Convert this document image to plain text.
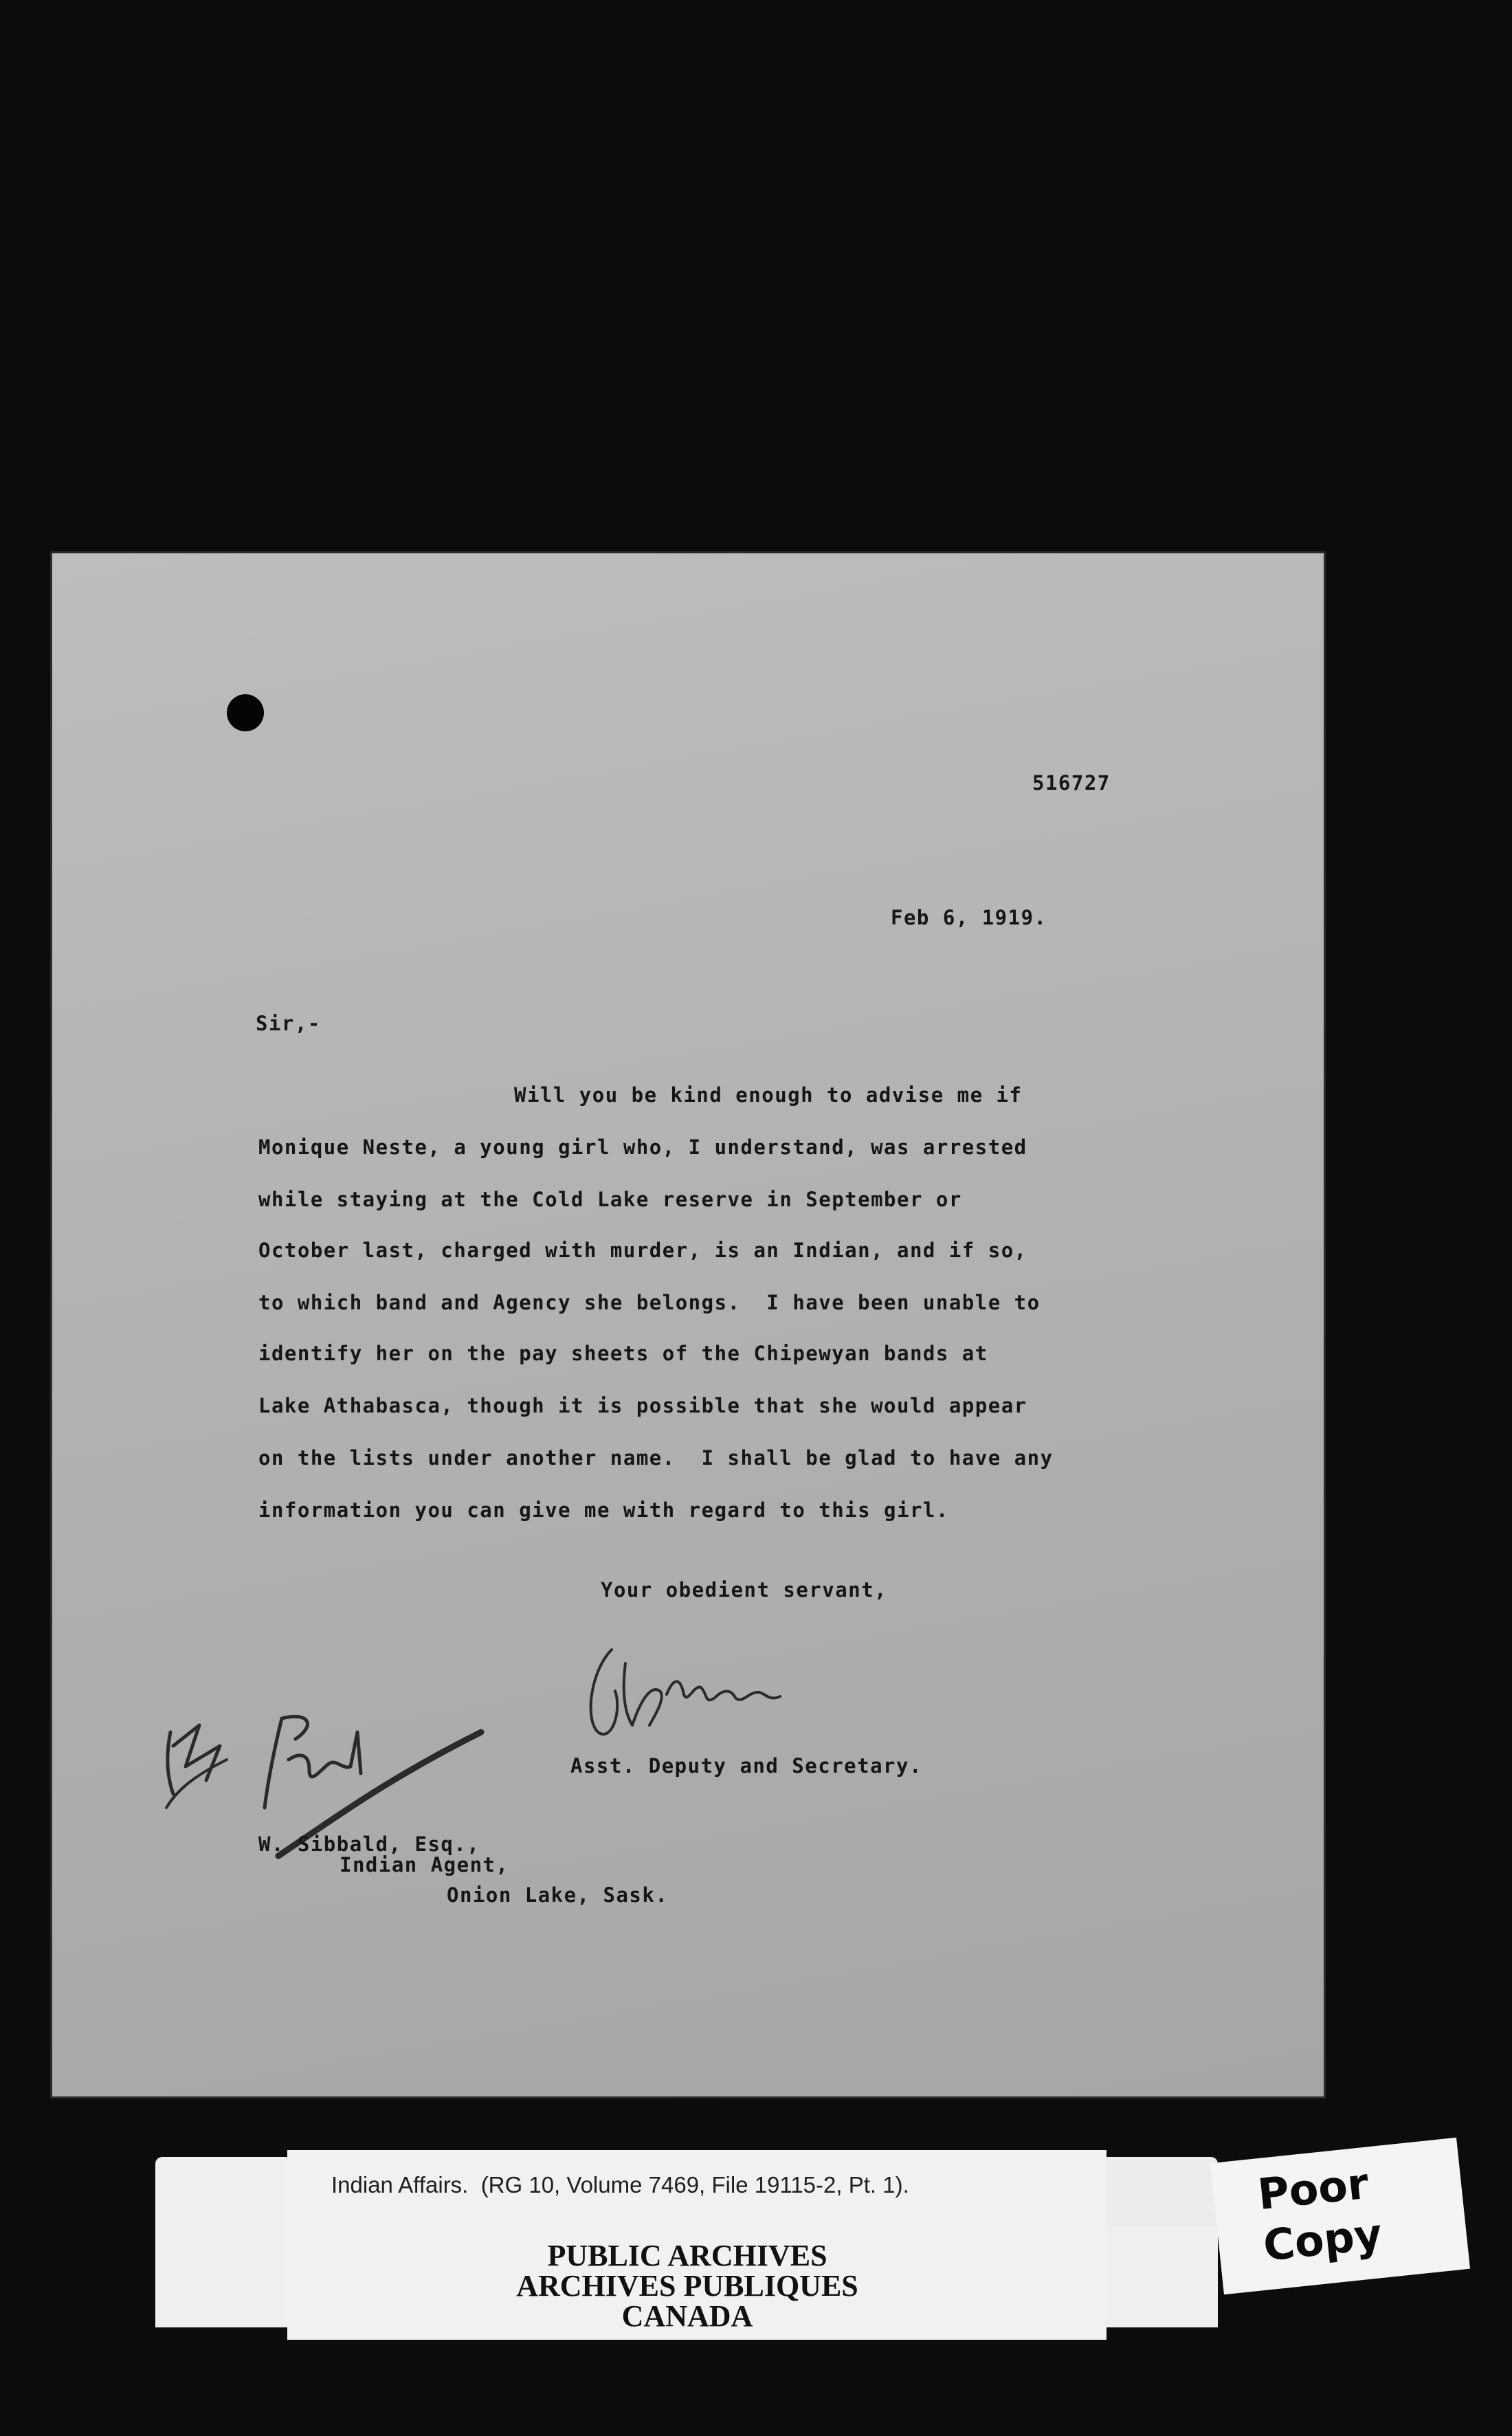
516727
Feb 6, 1919.
Sir,-
Will you be kind enough to advise me if
Monique Neste, a young girl who, I understand, was arrested
while staying at the Cold Lake reserve in September or
October last, charged with murder, is an Indian, and if so,
to which band and Agency she belongs.  I have been unable to
identify her on the pay sheets of the Chipewyan bands at
Lake Athabasca, though it is possible that she would appear
on the lists under another name.  I shall be glad to have any
information you can give me with regard to this girl.
Your obedient servant,
Asst. Deputy and Secretary.
W. Sibbald, Esq.,
Indian Agent,
Onion Lake, Sask.
Indian Affairs.  (RG 10, Volume 7469, File 19115-2, Pt. 1).
PUBLIC ARCHIVES
ARCHIVES PUBLIQUES
CANADA
Poor
Copy
